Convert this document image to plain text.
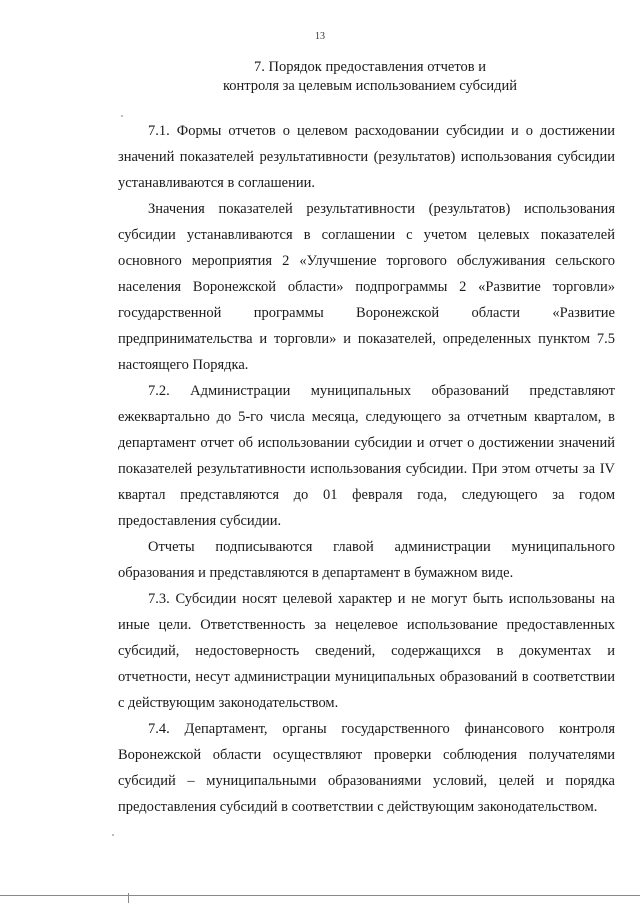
13
7. Порядок предоставления отчетов и
контроля за целевым использованием субсидий

7.1. Формы отчетов о целевом расходовании субсидии и о достижении значений показателей результативности (результатов) использования субсидии устанавливаются в соглашении.

Значения показателей результативности (результатов) использования субсидии устанавливаются в соглашении с учетом целевых показателей основного мероприятия 2 «Улучшение торгового обслуживания сельского населения Воронежской области» подпрограммы 2 «Развитие торговли» государственной программы Воронежской области «Развитие предпринимательства и торговли» и показателей, определенных пунктом 7.5 настоящего Порядка.

7.2. Администрации муниципальных образований представляют ежеквартально до 5-го числа месяца, следующего за отчетным кварталом, в департамент отчет об использовании субсидии и отчет о достижении значений показателей результативности использования субсидии. При этом отчеты за IV квартал представляются до 01 февраля года, следующего за годом предоставления субсидии.

Отчеты подписываются главой администрации муниципального образования и представляются в департамент в бумажном виде.

7.3. Субсидии носят целевой характер и не могут быть использованы на иные цели. Ответственность за нецелевое использование предоставленных субсидий, недостоверность сведений, содержащихся в документах и отчетности, несут администрации муниципальных образований в соответствии с действующим законодательством.

7.4. Департамент, органы государственного финансового контроля Воронежской области осуществляют проверки соблюдения получателями субсидий – муниципальными образованиями условий, целей и порядка предоставления субсидий в соответствии с действующим законодательством.
